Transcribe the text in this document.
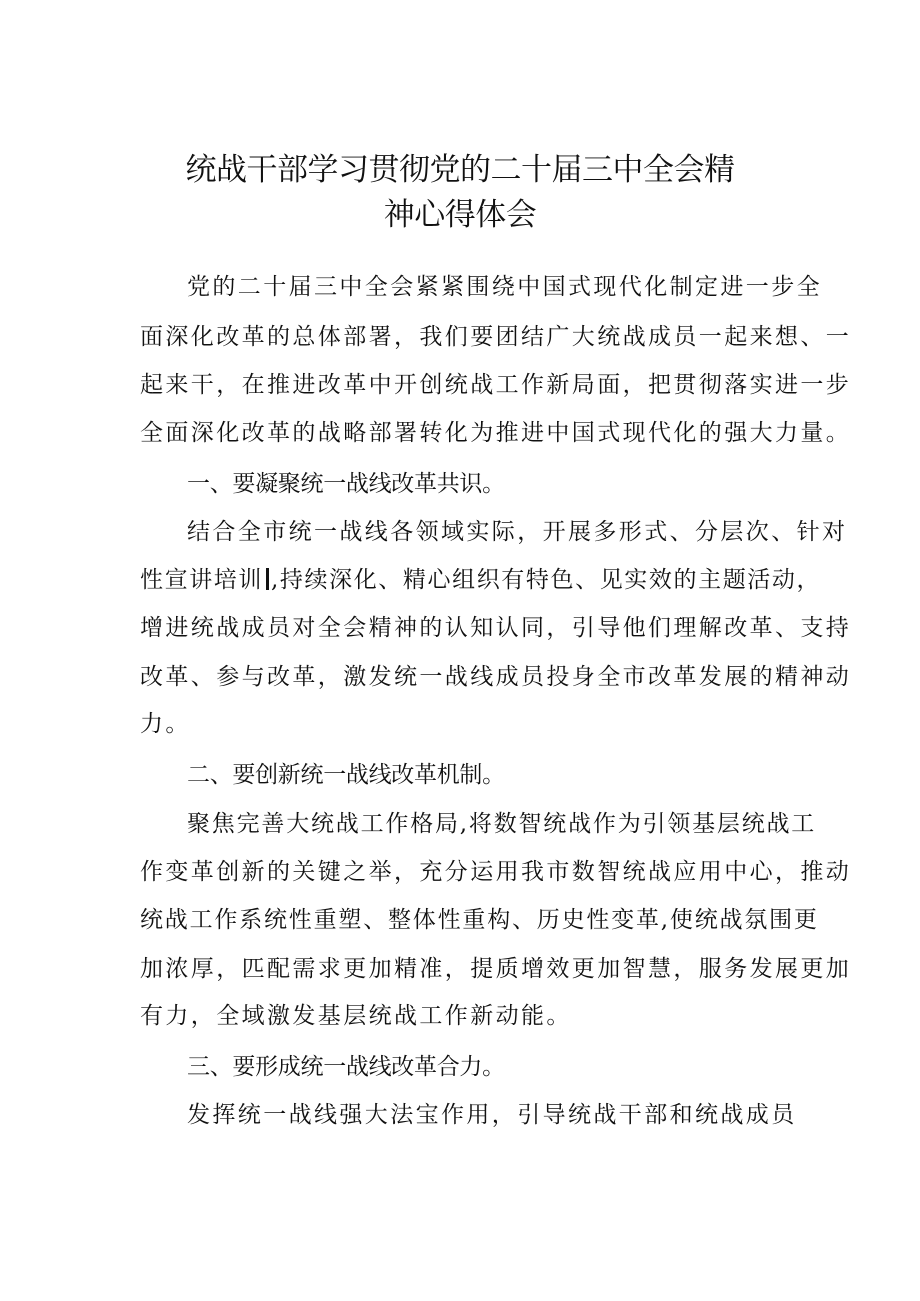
统战干部学习贯彻党的二十届三中全会精
神心得体会
党的二十届三中全会紧紧围绕中国式现代化制定进一步全
面深化改革的总体部署，我们要团结广大统战成员一起来想、一
起来干，在推进改革中开创统战工作新局面，把贯彻落实进一步
全面深化改革的战略部署转化为推进中国式现代化的强大力量。
一、要凝聚统一战线改革共识。
结合全市统一战线各领域实际，开展多形式、分层次、针对
性宣讲培训 ,持续深化、精心组织有特色、见实效的主题活动，
增进统战成员对全会精神的认知认同，引导他们理解改革、支持
改革、参与改革，激发统一战线成员投身全市改革发展的精神动
力。
二、要创新统一战线改革机制。
聚焦完善大统战工作格局,将数智统战作为引领基层统战工
作变革创新的关键之举，充分运用我市数智统战应用中心，推动
统战工作系统性重塑、整体性重构、历史性变革,使统战氛围更
加浓厚，匹配需求更加精准，提质增效更加智慧，服务发展更加
有力，全域激发基层统战工作新动能。
三、要形成统一战线改革合力。
发挥统一战线强大法宝作用，引导统战干部和统战成员
